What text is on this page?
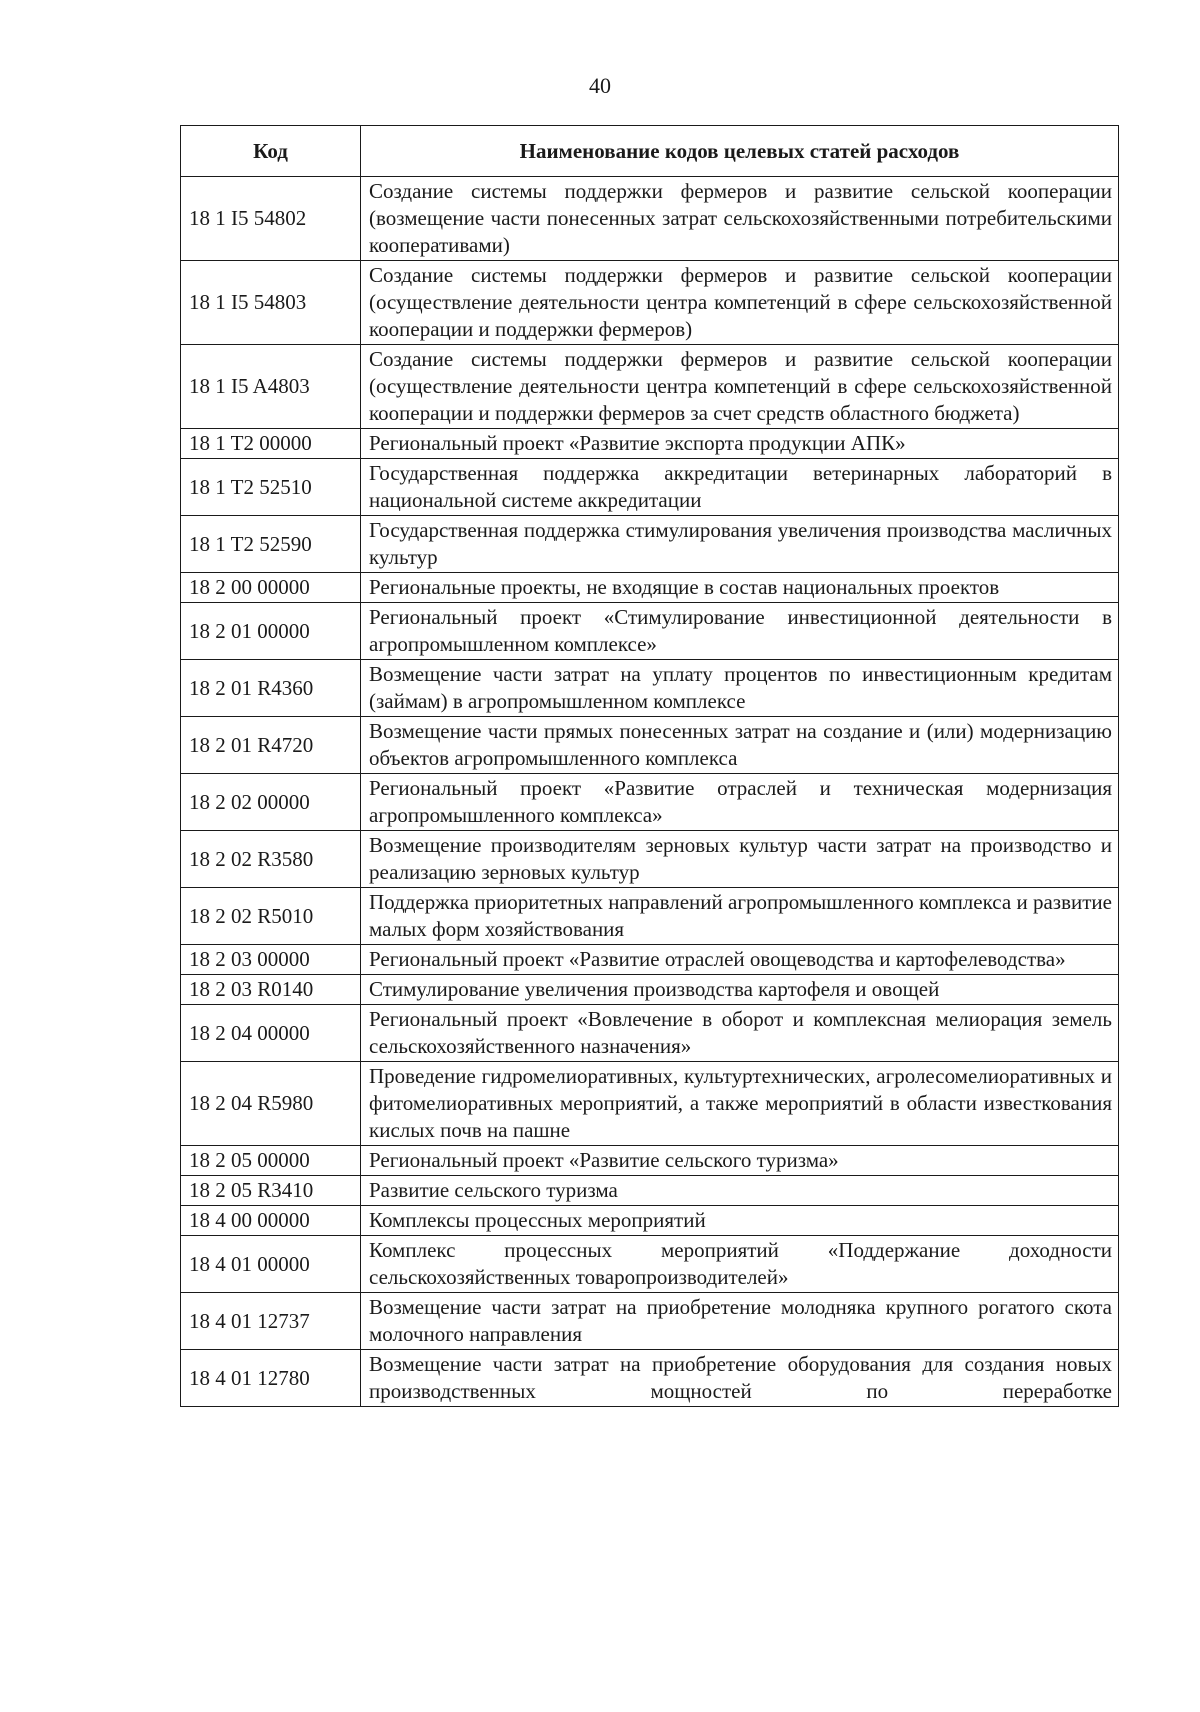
40
Код	Наименование кодов целевых статей расходов
18 1 I5 54802	Создание системы поддержки фермеров и развитие сельской кооперации (возмещение части понесенных затрат сельскохозяйственными потребительскими кооперативами)
18 1 I5 54803	Создание системы поддержки фермеров и развитие сельской кооперации (осуществление деятельности центра компетенций в сфере сельскохозяйственной кооперации и поддержки фермеров)
18 1 I5 A4803	Создание системы поддержки фермеров и развитие сельской кооперации (осуществление деятельности центра компетенций в сфере сельскохозяйственной кооперации и поддержки фермеров за счет средств областного бюджета)
18 1 T2 00000	Региональный проект «Развитие экспорта продукции АПК»
18 1 T2 52510	Государственная поддержка аккредитации ветеринарных лабораторий в национальной системе аккредитации
18 1 T2 52590	Государственная поддержка стимулирования увеличения производства масличных культур
18 2 00 00000	Региональные проекты, не входящие в состав национальных проектов
18 2 01 00000	Региональный проект «Стимулирование инвестиционной деятельности в агропромышленном комплексе»
18 2 01 R4360	Возмещение части затрат на уплату процентов по инвестиционным кредитам (займам) в агропромышленном комплексе
18 2 01 R4720	Возмещение части прямых понесенных затрат на создание и (или) модернизацию объектов агропромышленного комплекса
18 2 02 00000	Региональный проект «Развитие отраслей и техническая модернизация агропромышленного комплекса»
18 2 02 R3580	Возмещение производителям зерновых культур части затрат на производство и реализацию зерновых культур
18 2 02 R5010	Поддержка приоритетных направлений агропромышленного комплекса и развитие малых форм хозяйствования
18 2 03 00000	Региональный проект «Развитие отраслей овощеводства и картофелеводства»
18 2 03 R0140	Стимулирование увеличения производства картофеля и овощей
18 2 04 00000	Региональный проект «Вовлечение в оборот и комплексная мелиорация земель сельскохозяйственного назначения»
18 2 04 R5980	Проведение гидромелиоративных, культуртехнических, агролесомелиоративных и фитомелиоративных мероприятий, а также мероприятий в области известкования кислых почв на пашне
18 2 05 00000	Региональный проект «Развитие сельского туризма»
18 2 05 R3410	Развитие сельского туризма
18 4 00 00000	Комплексы процессных мероприятий
18 4 01 00000	Комплекс процессных мероприятий «Поддержание доходности сельскохозяйственных товаропроизводителей»
18 4 01 12737	Возмещение части затрат на приобретение молодняка крупного рогатого скота молочного направления
18 4 01 12780	Возмещение части затрат на приобретение оборудования для создания новых производственных мощностей по переработке
